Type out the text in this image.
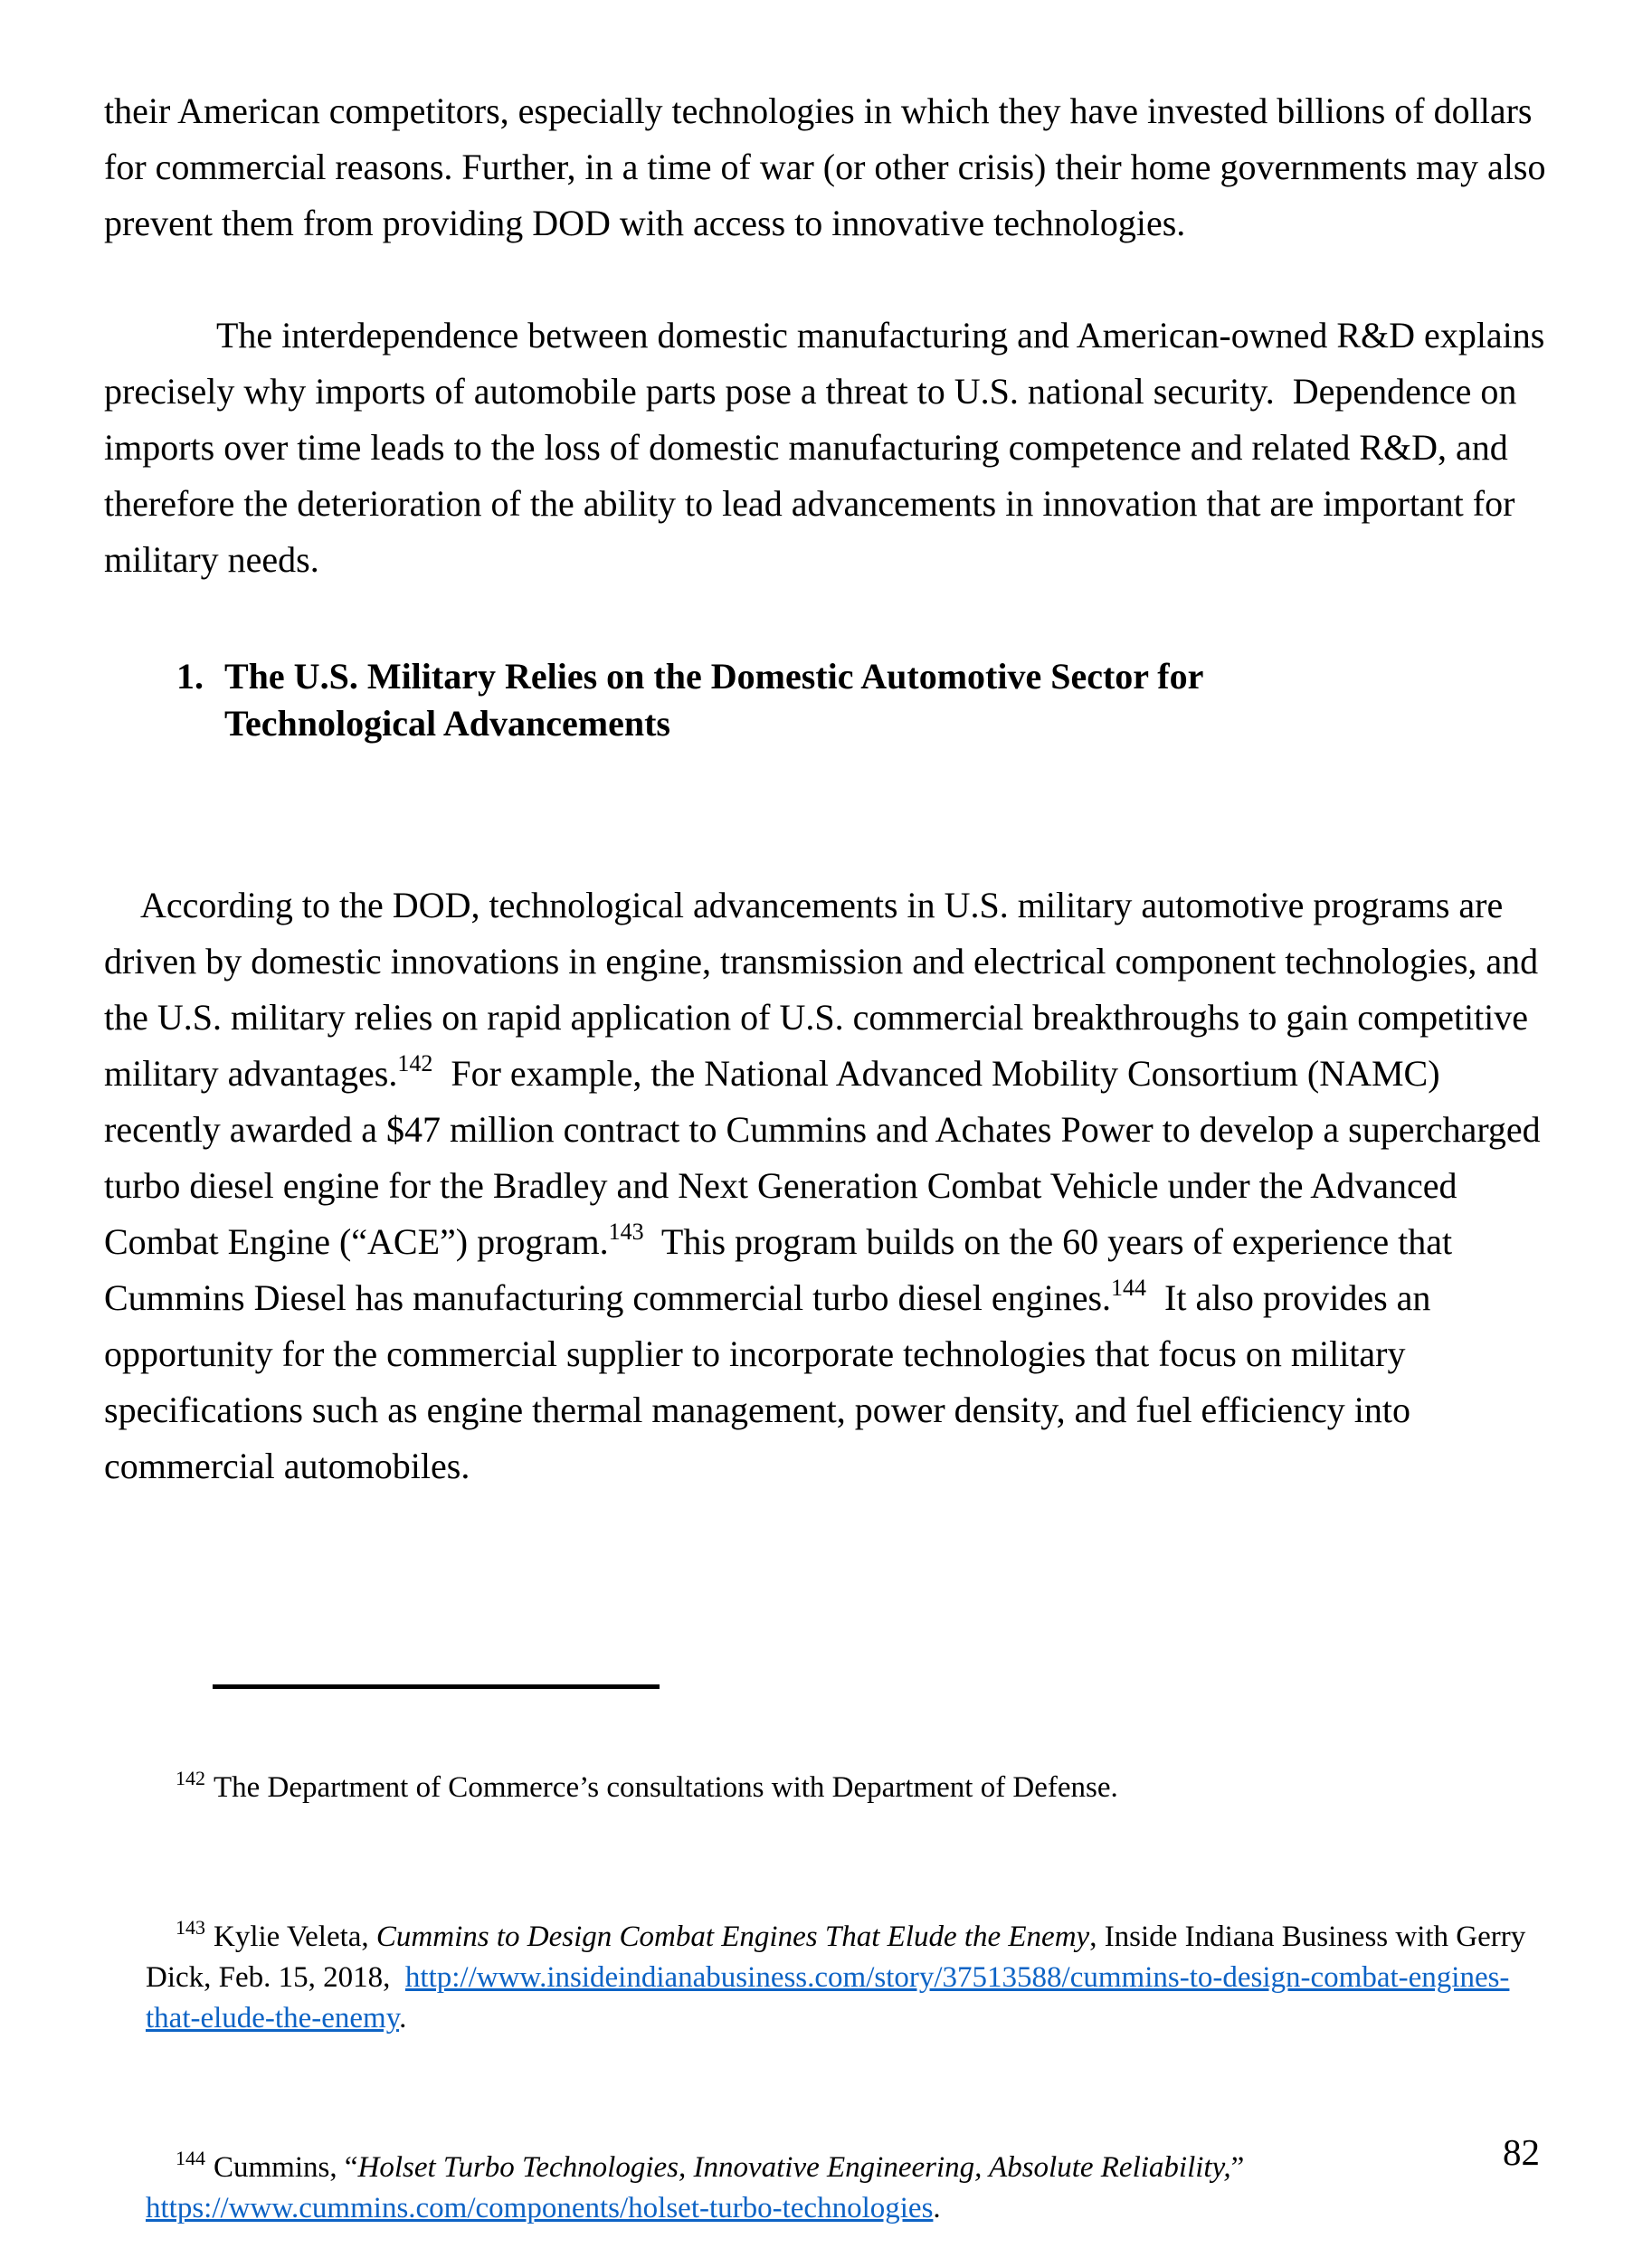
their American competitors, especially technologies in which they have invested billions of dollars for commercial reasons. Further, in a time of war (or other crisis) their home governments may also prevent them from providing DOD with access to innovative technologies.
The interdependence between domestic manufacturing and American-owned R&D explains precisely why imports of automobile parts pose a threat to U.S. national security.  Dependence on imports over time leads to the loss of domestic manufacturing competence and related R&D, and therefore the deterioration of the ability to lead advancements in innovation that are important for military needs.
1. The U.S. Military Relies on the Domestic Automotive Sector for
Technological Advancements

According to the DOD, technological advancements in U.S. military automotive programs are driven by domestic innovations in engine, transmission and electrical component technologies, and the U.S. military relies on rapid application of U.S. commercial breakthroughs to gain competitive military advantages.$^{142}$  For example, the National Advanced Mobility Consortium (NAMC) recently awarded a $47 million contract to Cummins and Achates Power to develop a supercharged turbo diesel engine for the Bradley and Next Generation Combat Vehicle under the Advanced Combat Engine (“ACE”) program.$^{143}$  This program builds on the 60 years of experience that Cummins Diesel has manufacturing commercial turbo diesel engines.$^{144}$  It also provides an opportunity for the commercial supplier to incorporate technologies that focus on military specifications such as engine thermal management, power density, and fuel efficiency into commercial automobiles.

$^{142}$ The Department of Commerce’s consultations with Department of Defense.

$^{143}$ Kylie Veleta, Cummins to Design Combat Engines That Elude the Enemy, Inside Indiana Business with Gerry Dick, Feb. 15, 2018,  http://www.insideindianabusiness.com/story/37513588/cummins-to-design-combat-engines-that-elude-the-enemy.

$^{144}$ Cummins, “Holset Turbo Technologies, Innovative Engineering, Absolute Reliability,” https://www.cummins.com/components/holset-turbo-technologies.

82
